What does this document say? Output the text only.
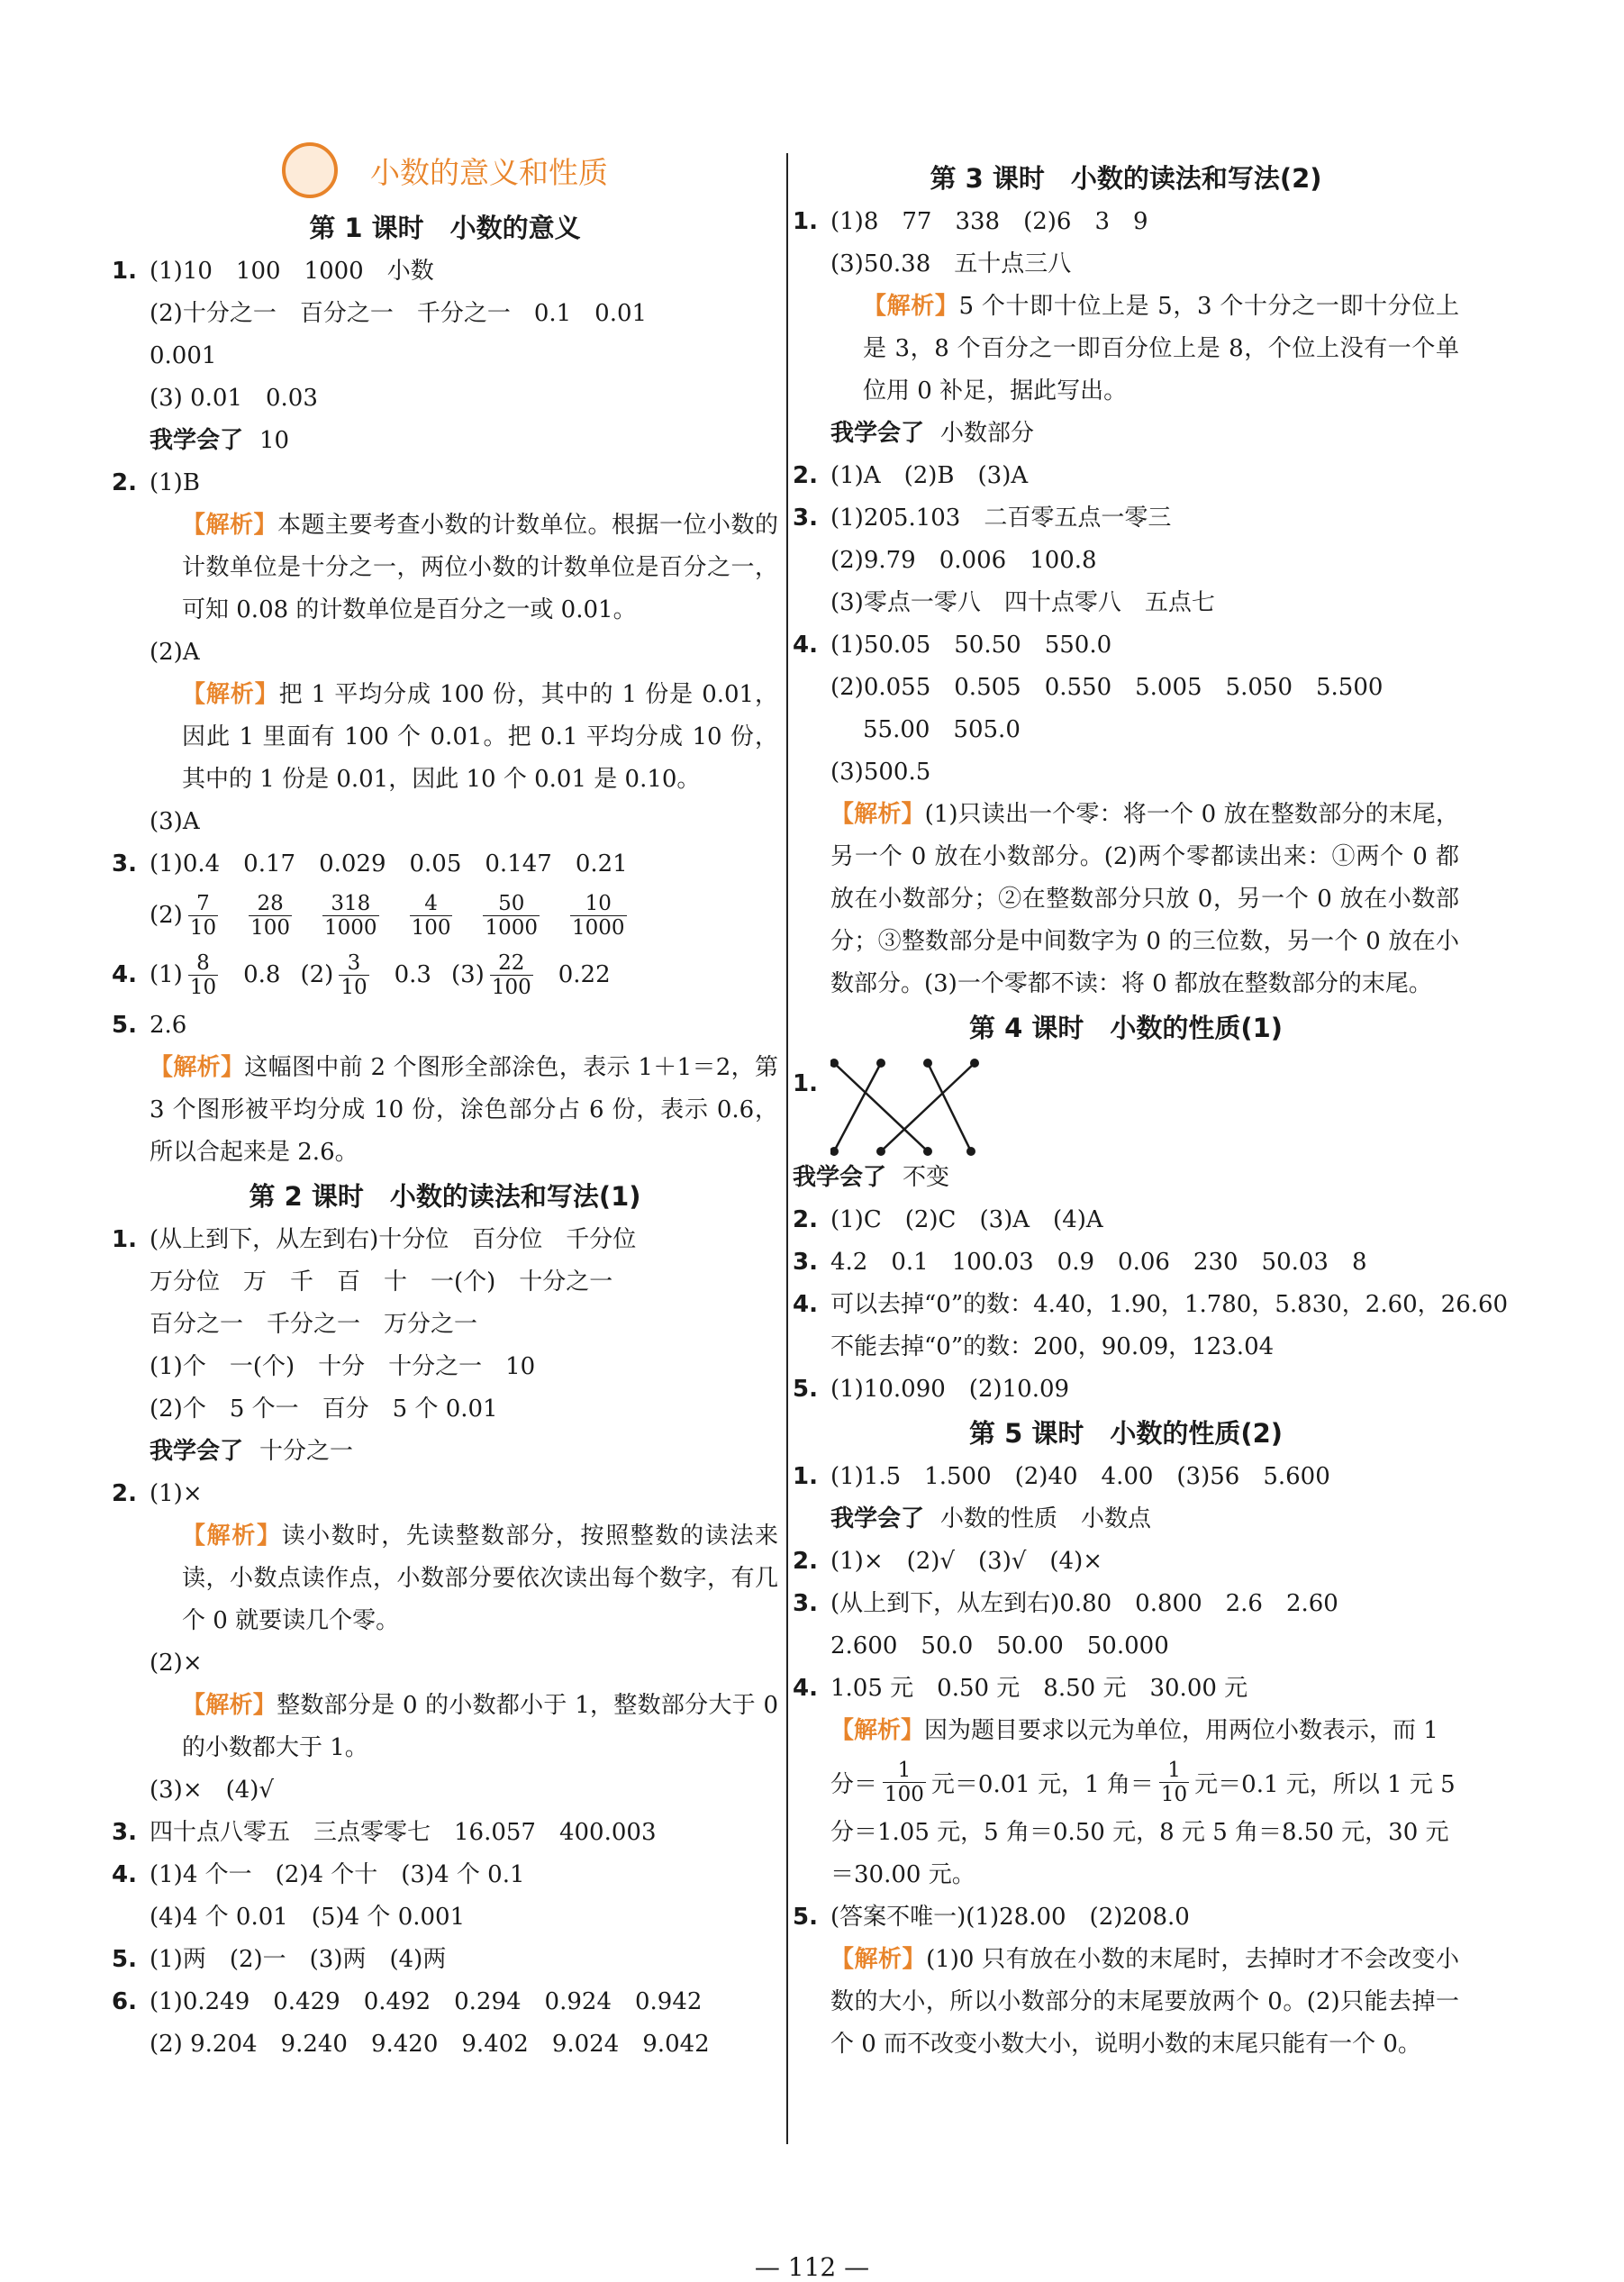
小数的意义和性质
第 1 课时　小数的意义
1. (1)10　100　1000　小数
(2)十分之一　百分之一　千分之一　0.1　0.01
0.001
(3) 0.01　0.03
我学会了 10
2. (1)B
【解析】本题主要考查小数的计数单位。根据一位小数的计数单位是十分之一，两位小数的计数单位是百分之一，可知 0.08 的计数单位是百分之一或 0.01。
(2)A
【解析】把 1 平均分成 100 份，其中的 1 份是 0.01，因此 1 里面有 100 个 0.01。把 0.1 平均分成 10 份，其中的 1 份是 0.01，因此 10 个 0.01 是 0.10。
(3)A
3. (1)0.4　0.17　0.029　0.05　0.147　0.21
$(2) \frac{7}{10} \frac{28}{100} \frac{318}{1000} \frac{4}{100} \frac{50}{1000} \frac{10}{1000}$
4. $(1) \frac{8}{10} 0.8$ $(2) \frac{3}{10} 0.3$ $(3) \frac{22}{100} 0.22$
5. 2.6
【解析】这幅图中前 2 个图形全部涂色，表示 1＋1＝2，第 3 个图形被平均分成 10 份，涂色部分占 6 份，表示 0.6，所以合起来是 2.6。
第 2 课时　小数的读法和写法(1)
1. (从上到下，从左到右)十分位　百分位　千分位
万分位　万　千　百　十　一(个)　十分之一
百分之一　千分之一　万分之一
(1)个　一(个)　十分　十分之一　10
(2)个　5 个一　百分　5 个 0.01
我学会了 十分之一
2. (1)×
【解析】读小数时，先读整数部分，按照整数的读法来读，小数点读作点，小数部分要依次读出每个数字，有几个 0 就要读几个零。
(2)×
【解析】整数部分是 0 的小数都小于 1，整数部分大于 0 的小数都大于 1。
(3)×　(4)√
3. 四十点八零五　三点零零七　16.057　400.003
4. (1)4 个一　(2)4 个十　(3)4 个 0.1
(4)4 个 0.01　(5)4 个 0.001
5. (1)两　(2)一　(3)两　(4)两
6. (1)0.249　0.429　0.492　0.294　0.924　0.942
(2) 9.204　9.240　9.420　9.402　9.024　9.042
第 3 课时　小数的读法和写法(2)
1. (1)8　77　338　(2)6　3　9
(3)50.38　五十点三八
【解析】5 个十即十位上是 5，3 个十分之一即十分位上是 3，8 个百分之一即百分位上是 8，个位上没有一个单位用 0 补足，据此写出。
我学会了 小数部分
2. (1)A　(2)B　(3)A
3. (1)205.103　二百零五点一零三
(2)9.79　0.006　100.8
(3)零点一零八　四十点零八　五点七
4. (1)50.05　50.50　550.0
(2)0.055　0.505　0.550　5.005　5.050　5.500
55.00　505.0
(3)500.5
【解析】(1)只读出一个零：将一个 0 放在整数部分的末尾，另一个 0 放在小数部分。(2)两个零都读出来：①两个 0 都放在小数部分；②在整数部分只放 0，另一个 0 放在小数部分；③整数部分是中间数字为 0 的三位数，另一个 0 放在小数部分。(3)一个零都不读：将 0 都放在整数部分的末尾。
第 4 课时　小数的性质(1)
1.
我学会了 不变
2. (1)C　(2)C　(3)A　(4)A
3. 4.2　0.1　100.03　0.9　0.06　230　50.03　8
4. 可以去掉“0”的数：4.40，1.90，1.780，5.830，2.60，26.60
不能去掉“0”的数：200，90.09，123.04
5. (1)10.090　(2)10.09
第 5 课时　小数的性质(2)
1. (1)1.5　1.500　(2)40　4.00　(3)56　5.600
我学会了 小数的性质　小数点
2. (1)×　(2)√　(3)√　(4)×
3. (从上到下，从左到右)0.80　0.800　2.6　2.60
2.600　50.0　50.00　50.000
4. 1.05 元　0.50 元　8.50 元　30.00 元
【解析】 因为题目要求以元为单位，用两位小数表示，而 1
分＝ $\frac{1}{100}$ 元＝0.01 元，1 角＝ $\frac{1}{10}$ 元＝0.1 元，所以 1 元 5
分＝1.05 元，5 角＝0.50 元，8 元 5 角＝8.50 元，30 元
＝30.00 元。
5. (答案不唯一)(1)28.00　(2)208.0
【解析】(1)0 只有放在小数的末尾时，去掉时才不会改变小数的大小，所以小数部分的末尾要放两个 0。(2)只能去掉一个 0 而不改变小数大小，说明小数的末尾只能有一个 0。
— 112 —
